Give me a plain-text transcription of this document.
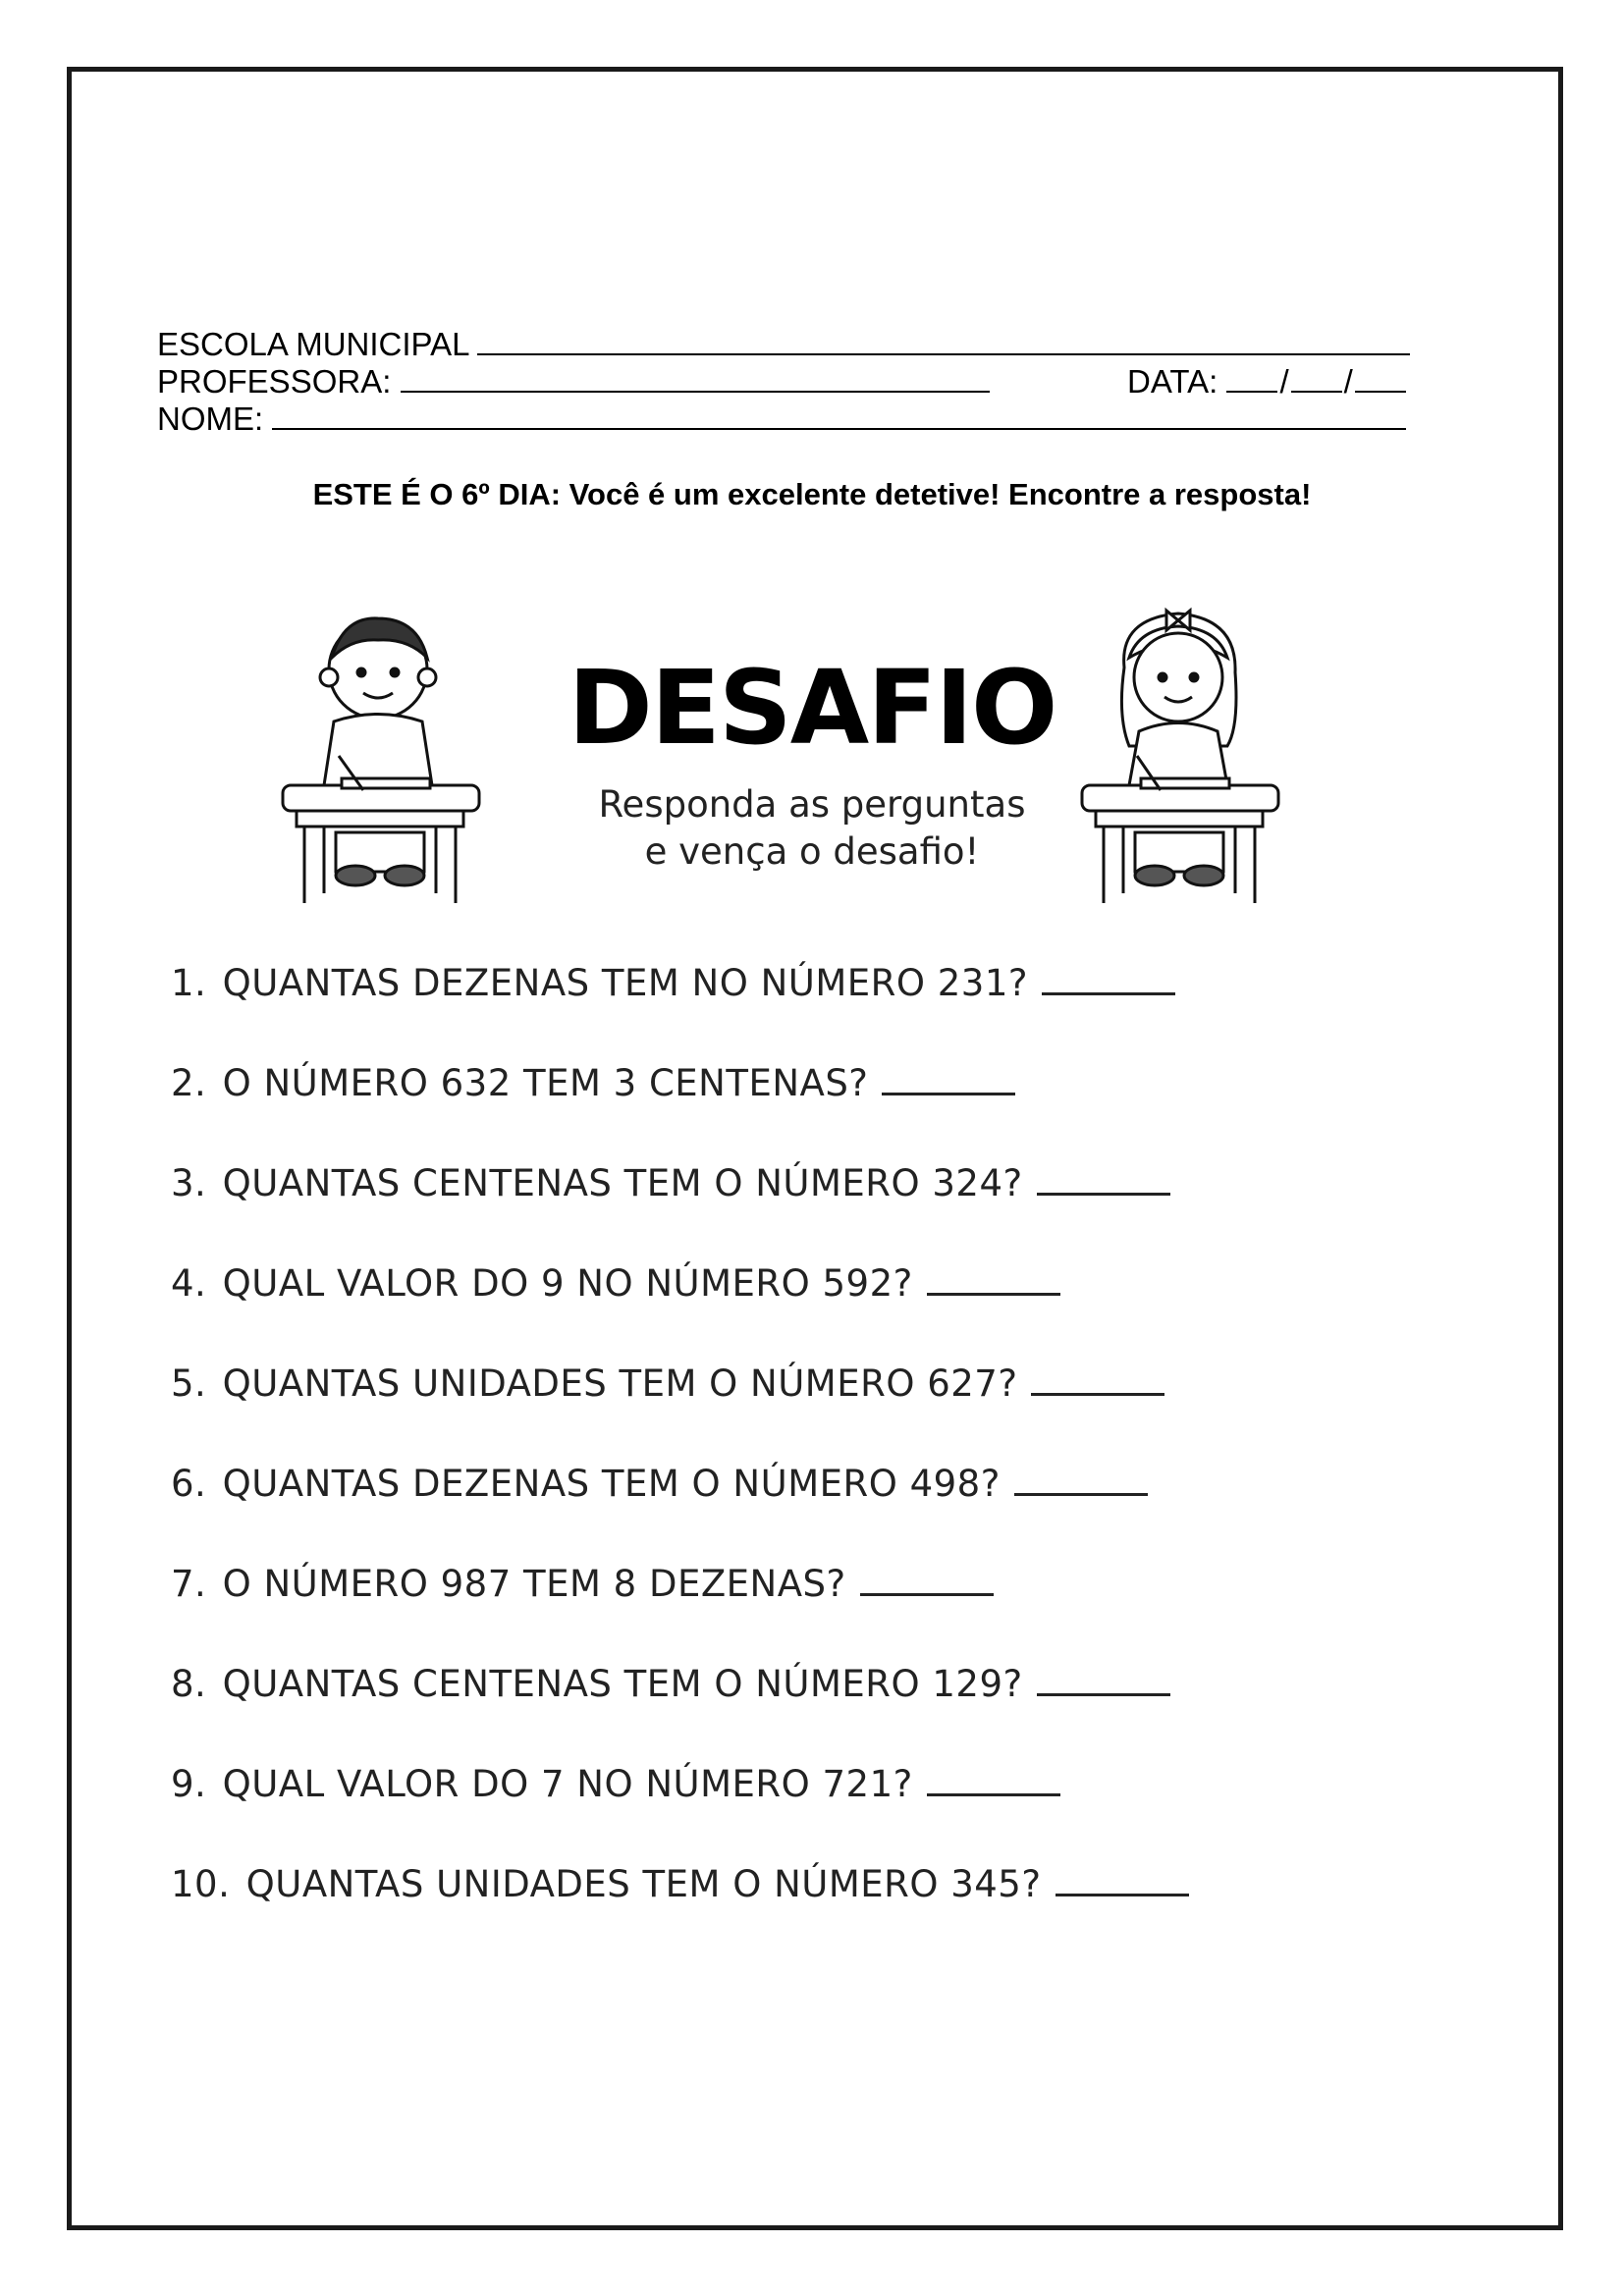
ESCOLA MUNICIPAL
PROFESSORA:	DATA: / /
NOME:
ESTE É O 6º DIA: Você é um excelente detetive! Encontre a resposta!
DESAFIO
Responda as perguntas
e vença o desafio!
1. QUANTAS DEZENAS TEM NO NÚMERO 231?
2. O NÚMERO 632 TEM 3 CENTENAS?
3. QUANTAS CENTENAS TEM O NÚMERO 324?
4. QUAL VALOR DO 9 NO NÚMERO 592?
5. QUANTAS UNIDADES TEM O NÚMERO 627?
6. QUANTAS DEZENAS TEM O NÚMERO 498?
7. O NÚMERO 987 TEM 8 DEZENAS?
8. QUANTAS CENTENAS TEM O NÚMERO 129?
9. QUAL VALOR DO 7 NO NÚMERO 721?
10. QUANTAS UNIDADES TEM O NÚMERO 345?
